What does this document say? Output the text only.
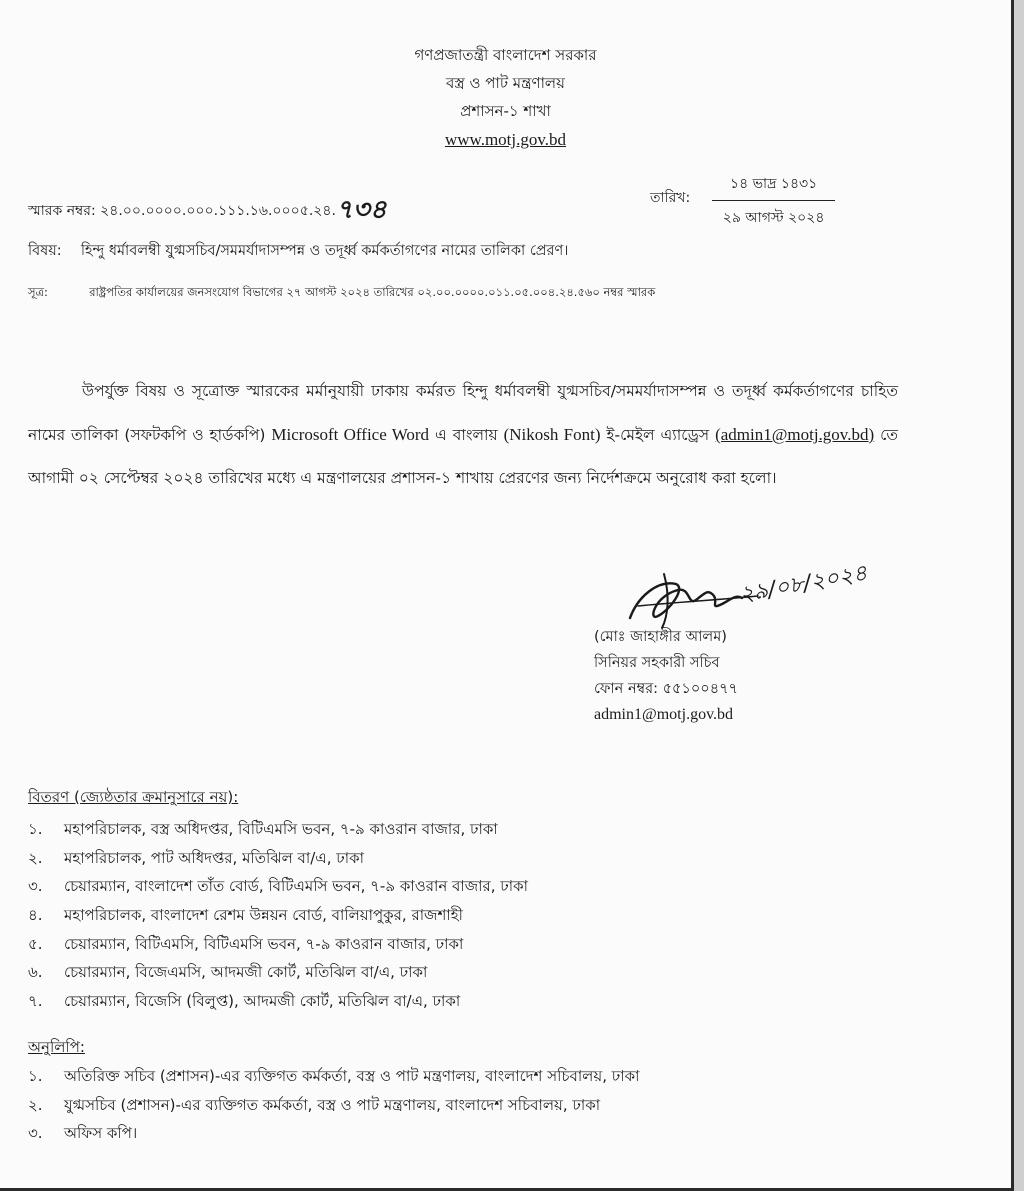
গণপ্রজাতন্ত্রী বাংলাদেশ সরকার
বস্ত্র ও পাট মন্ত্রণালয়
প্রশাসন-১ শাখা
www.motj.gov.bd
স্মারক নম্বর: ২৪.০০.০০০০.০০০.১১১.১৬.০০০৫.২৪.৭৩৪	তারিখ:
১৪ ভাদ্র ১৪৩১
২৯ আগস্ট ২০২৪
বিষয়: হিন্দু ধর্মাবলম্বী যুগ্মসচিব/সমমর্যাদাসম্পন্ন ও তদূর্ধ্ব কর্মকর্তাগণের নামের তালিকা প্রেরণ।
সূত্র:	রাষ্ট্রপতির কার্যালয়ের জনসংযোগ বিভাগের ২৭ আগস্ট ২০২৪ তারিখের ০২.০০.০০০০.০১১.০৫.০০৪.২৪.৫৬০ নম্বর স্মারক
উপর্যুক্ত বিষয় ও সূত্রোক্ত স্মারকের মর্মানুযায়ী ঢাকায় কর্মরত হিন্দু ধর্মাবলম্বী যুগ্মসচিব/সমমর্যাদাসম্পন্ন ও তদূর্ধ্ব কর্মকর্তাগণের চাহিত নামের তালিকা (সফটকপি ও হার্ডকপি) Microsoft Office Word এ বাংলায় (Nikosh Font) ই-মেইল এ্যাড্রেস (admin1@motj.gov.bd) তে আগামী ০২ সেপ্টেম্বর ২০২৪ তারিখের মধ্যে এ মন্ত্রণালয়ের প্রশাসন-১ শাখায় প্রেরণের জন্য নির্দেশক্রমে অনুরোধ করা হলো।
২৯/০৮/২০২৪
(মোঃ জাহাঙ্গীর আলম)
সিনিয়র সহকারী সচিব
ফোন নম্বর: ৫৫১০০৪৭৭
admin1@motj.gov.bd
বিতরণ (জ্যেষ্ঠতার ক্রমানুসারে নয়):
১. মহাপরিচালক, বস্ত্র অধিদপ্তর, বিটিএমসি ভবন, ৭-৯ কাওরান বাজার, ঢাকা
২. মহাপরিচালক, পাট অধিদপ্তর, মতিঝিল বা/এ, ঢাকা
৩. চেয়ারম্যান, বাংলাদেশ তাঁত বোর্ড, বিটিএমসি ভবন, ৭-৯ কাওরান বাজার, ঢাকা
৪. মহাপরিচালক, বাংলাদেশ রেশম উন্নয়ন বোর্ড, বালিয়াপুকুর, রাজশাহী
৫. চেয়ারম্যান, বিটিএমসি, বিটিএমসি ভবন, ৭-৯ কাওরান বাজার, ঢাকা
৬. চেয়ারম্যান, বিজেএমসি, আদমজী কোর্ট, মতিঝিল বা/এ, ঢাকা
৭. চেয়ারম্যান, বিজেসি (বিলুপ্ত), আদমজী কোর্ট, মতিঝিল বা/এ, ঢাকা
অনুলিপি:
১. অতিরিক্ত সচিব (প্রশাসন)-এর ব্যক্তিগত কর্মকর্তা, বস্ত্র ও পাট মন্ত্রণালয়, বাংলাদেশ সচিবালয়, ঢাকা
২. যুগ্মসচিব (প্রশাসন)-এর ব্যক্তিগত কর্মকর্তা, বস্ত্র ও পাট মন্ত্রণালয়, বাংলাদেশ সচিবালয়, ঢাকা
৩. অফিস কপি।
